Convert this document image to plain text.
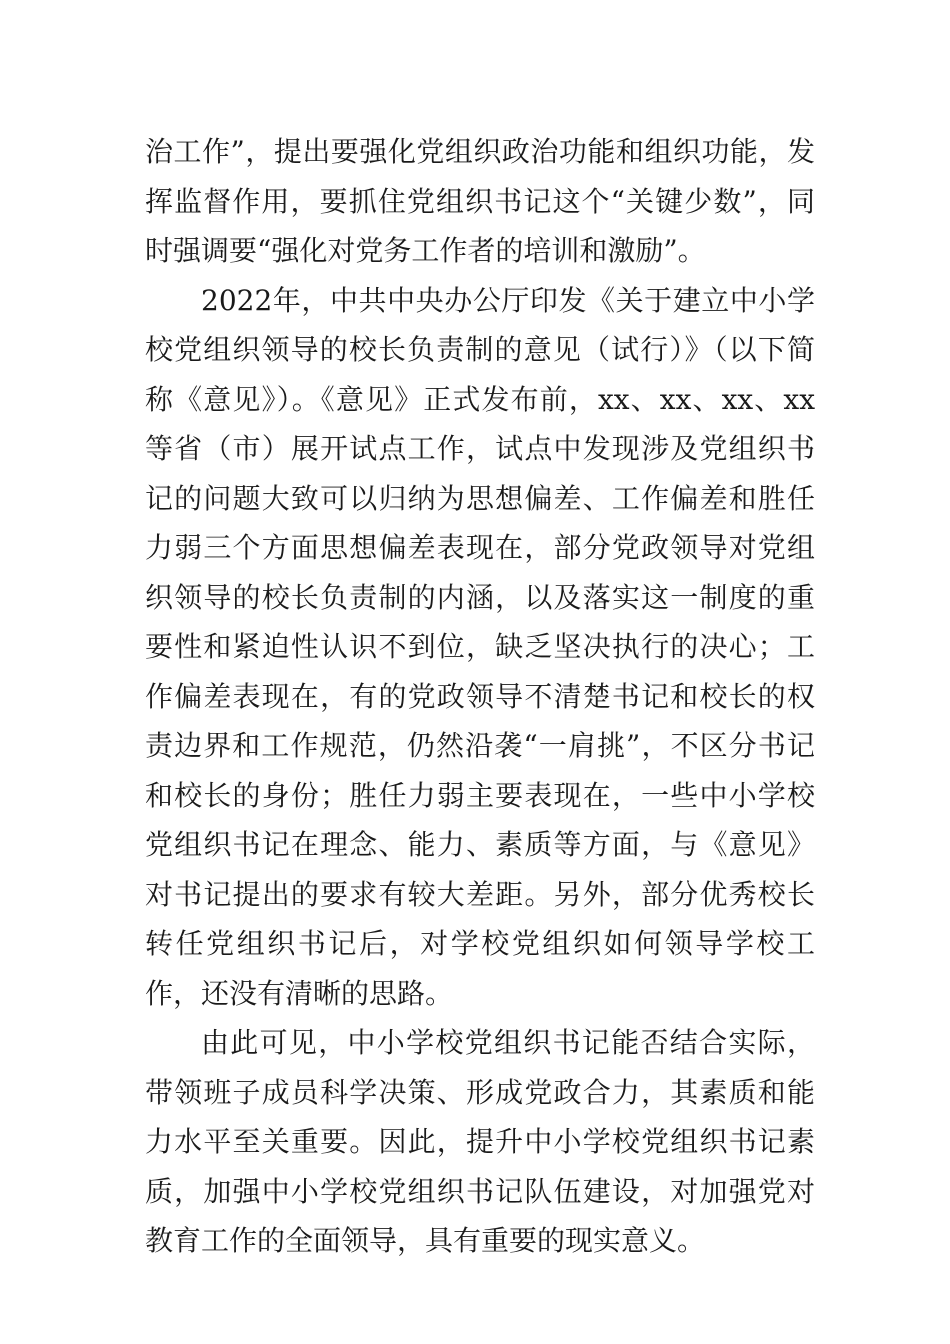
治工作”，提出要强化党组织政治功能和组织功能，发挥监督作用，要抓住党组织书记这个“关键少数”，同时强调要“强化对党务工作者的培训和激励”。

2022年，中共中央办公厅印发《关于建立中小学校党组织领导的校长负责制的意见（试行）》（以下简称《意见》）。《意见》正式发布前，xx、xx、xx、xx等省（市）展开试点工作，试点中发现涉及党组织书记的问题大致可以归纳为思想偏差、工作偏差和胜任力弱三个方面思想偏差表现在，部分党政领导对党组织领导的校长负责制的内涵，以及落实这一制度的重要性和紧迫性认识不到位，缺乏坚决执行的决心；工作偏差表现在，有的党政领导不清楚书记和校长的权责边界和工作规范，仍然沿袭“一肩挑”，不区分书记和校长的身份；胜任力弱主要表现在，一些中小学校党组织书记在理念、能力、素质等方面，与《意见》对书记提出的要求有较大差距。另外，部分优秀校长转任党组织书记后，对学校党组织如何领导学校工作，还没有清晰的思路。

由此可见，中小学校党组织书记能否结合实际，带领班子成员科学决策、形成党政合力，其素质和能力水平至关重要。因此，提升中小学校党组织书记素质，加强中小学校党组织书记队伍建设，对加强党对教育工作的全面领导，具有重要的现实意义。
